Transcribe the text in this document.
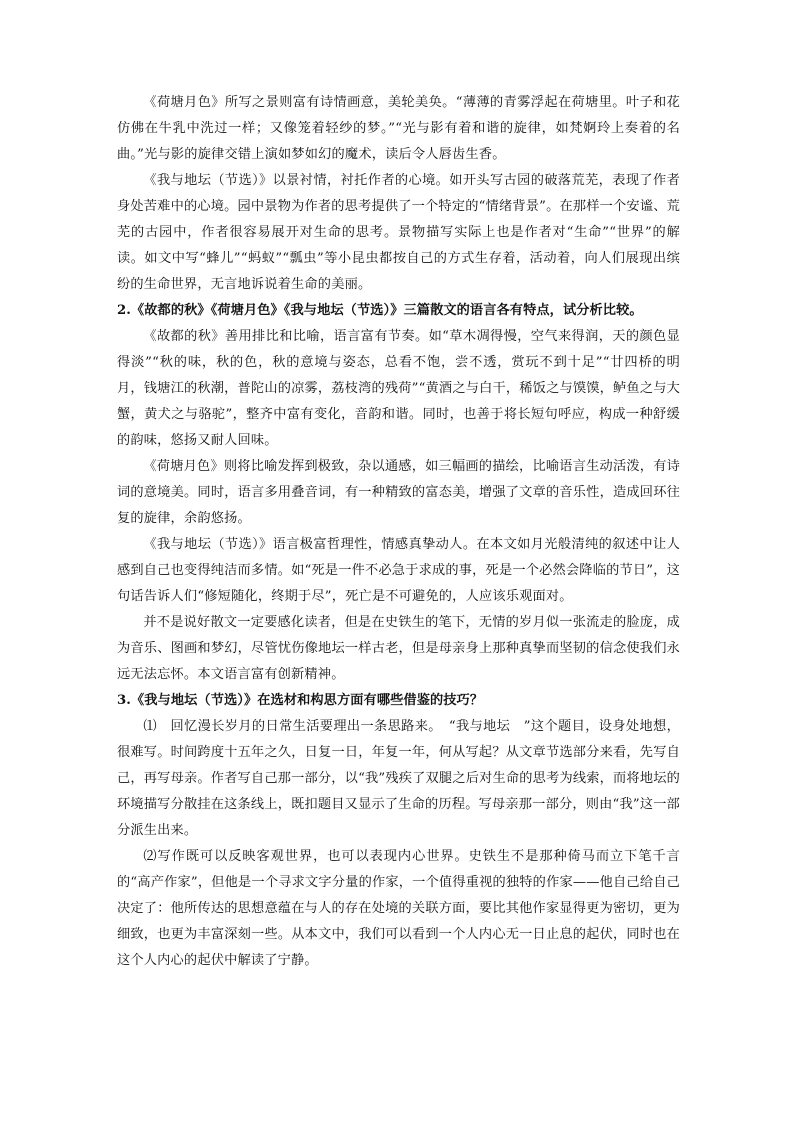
《荷塘月色》所写之景则富有诗情画意，美轮美奂。“薄薄的青雾浮起在荷塘里。叶子和花仿佛在牛乳中洗过一样；又像笼着轻纱的梦。”“光与影有着和谐的旋律，如梵婀玲上奏着的名曲。”光与影的旋律交错上演如梦如幻的魔术，读后令人唇齿生香。

《我与地坛（节选）》以景衬情，衬托作者的心境。如开头写古园的破落荒芜，表现了作者身处苦难中的心境。园中景物为作者的思考提供了一个特定的“情绪背景”。在那样一个安谧、荒芜的古园中，作者很容易展开对生命的思考。景物描写实际上也是作者对“生命”“世界”的解读。如文中写“蜂儿”“蚂蚁”“瓢虫”等小昆虫都按自己的方式生存着，活动着，向人们展现出缤纷的生命世界，无言地诉说着生命的美丽。

2.《故都的秋》《荷塘月色》《我与地坛（节选）》三篇散文的语言各有特点，试分析比较。

《故都的秋》善用排比和比喻，语言富有节奏。如“草木凋得慢，空气来得润，天的颜色显得淡”“秋的味，秋的色，秋的意境与姿态，总看不饱，尝不透，赏玩不到十足”“廿四桥的明月，钱塘江的秋潮，普陀山的凉雾，荔枝湾的残荷”“黄酒之与白干，稀饭之与馍馍，鲈鱼之与大蟹，黄犬之与骆驼”，整齐中富有变化，音韵和谐。同时，也善于将长短句呼应，构成一种舒缓的韵味，悠扬又耐人回味。

《荷塘月色》则将比喻发挥到极致，杂以通感，如三幅画的描绘，比喻语言生动活泼，有诗词的意境美。同时，语言多用叠音词，有一种精致的富态美，增强了文章的音乐性，造成回环往复的旋律，余韵悠扬。

《我与地坛（节选）》语言极富哲理性，情感真挚动人。在本文如月光般清纯的叙述中让人感到自己也变得纯洁而多情。如“死是一件不必急于求成的事，死是一个必然会降临的节日”，这句话告诉人们“修短随化，终期于尽”，死亡是不可避免的，人应该乐观面对。

并不是说好散文一定要感化读者，但是在史铁生的笔下，无情的岁月似一张流走的脸庞，成为音乐、图画和梦幻，尽管忧伤像地坛一样古老，但是母亲身上那种真挚而坚韧的信念使我们永远无法忘怀。本文语言富有创新精神。

3.《我与地坛（节选）》在选材和构思方面有哪些借鉴的技巧？

⑴　回忆漫长岁月的日常生活要理出一条思路来。　“我与地坛　”这个题目，设身处地想，很难写。时间跨度十五年之久，日复一日，年复一年，何从写起？从文章节选部分来看，先写自己，再写母亲。作者写自己那一部分，以“我”残疾了双腿之后对生命的思考为线索，而将地坛的环境描写分散挂在这条线上，既扣题目又显示了生命的历程。写母亲那一部分，则由“我”这一部分派生出来。

⑵写作既可以反映客观世界，也可以表现内心世界。史铁生不是那种倚马而立下笔千言的“高产作家”，但他是一个寻求文字分量的作家，一个值得重视的独特的作家——他自己给自己决定了：他所传达的思想意蕴在与人的存在处境的关联方面，要比其他作家显得更为密切，更为细致，也更为丰富深刻一些。从本文中，我们可以看到一个人内心无一日止息的起伏，同时也在这个人内心的起伏中解读了宁静。
